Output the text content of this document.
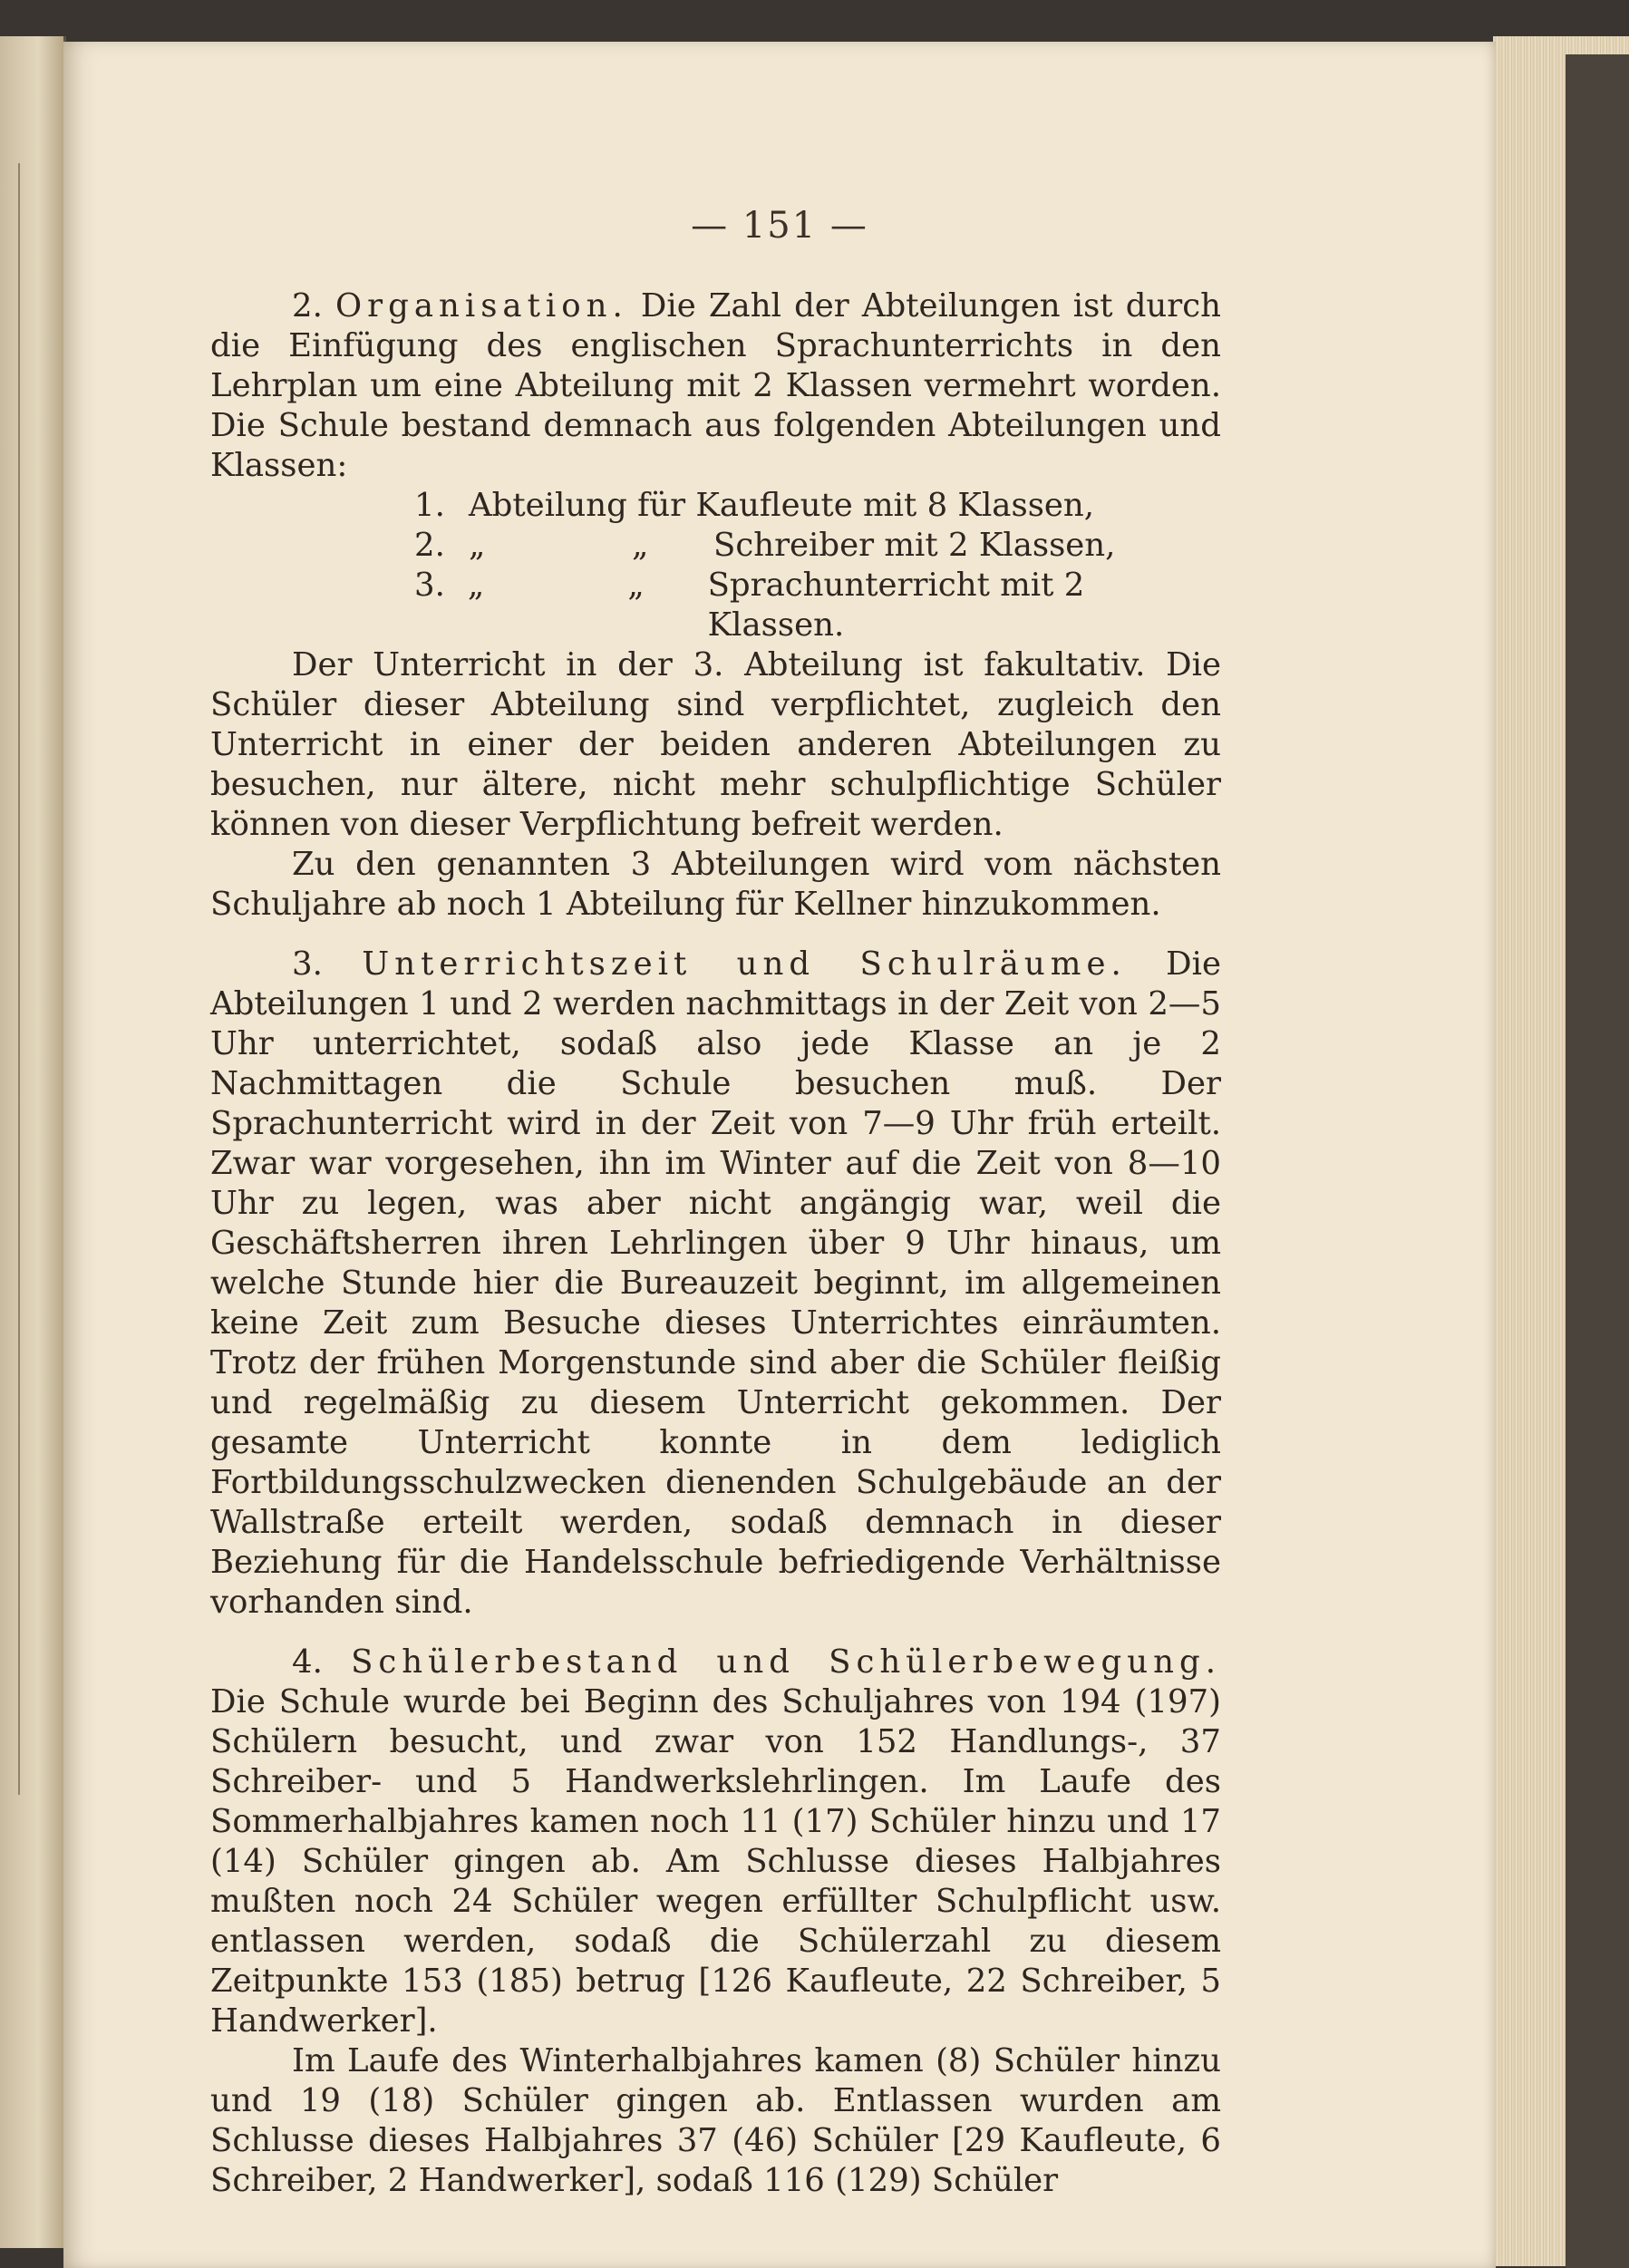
— 151 —

2. Organisation. Die Zahl der Abteilungen ist durch die Einfügung des englischen Sprachunterrichts in den Lehrplan um eine Abteilung mit 2 Klassen vermehrt worden. Die Schule bestand demnach aus folgenden Abteilungen und Klassen:

1. Abteilung für Kaufleute mit 8 Klassen,
2. „	„	Schreiber mit 2 Klassen,
3. „	„	Sprachunterricht mit 2 Klassen.

Der Unterricht in der 3. Abteilung ist fakultativ. Die Schüler dieser Abteilung sind verpflichtet, zugleich den Unterricht in einer der beiden anderen Abteilungen zu besuchen, nur ältere, nicht mehr schulpflichtige Schüler können von dieser Verpflichtung befreit werden.

Zu den genannten 3 Abteilungen wird vom nächsten Schuljahre ab noch 1 Abteilung für Kellner hinzukommen.

3. Unterrichtszeit und Schulräume. Die Abteilungen 1 und 2 werden nachmittags in der Zeit von 2—5 Uhr unterrichtet, sodaß also jede Klasse an je 2 Nachmittagen die Schule besuchen muß. Der Sprachunterricht wird in der Zeit von 7—9 Uhr früh erteilt. Zwar war vorgesehen, ihn im Winter auf die Zeit von 8—10 Uhr zu legen, was aber nicht angängig war, weil die Geschäftsherren ihren Lehrlingen über 9 Uhr hinaus, um welche Stunde hier die Bureauzeit beginnt, im allgemeinen keine Zeit zum Besuche dieses Unterrichtes einräumten. Trotz der frühen Morgenstunde sind aber die Schüler fleißig und regelmäßig zu diesem Unterricht gekommen. Der gesamte Unterricht konnte in dem lediglich Fortbildungsschulzwecken dienenden Schulgebäude an der Wallstraße erteilt werden, sodaß demnach in dieser Beziehung für die Handelsschule befriedigende Verhältnisse vorhanden sind.

4. Schülerbestand und Schülerbewegung. Die Schule wurde bei Beginn des Schuljahres von 194 (197) Schülern besucht, und zwar von 152 Handlungs-, 37 Schreiber- und 5 Handwerkslehrlingen. Im Laufe des Sommerhalbjahres kamen noch 11 (17) Schüler hinzu und 17 (14) Schüler gingen ab. Am Schlusse dieses Halbjahres mußten noch 24 Schüler wegen erfüllter Schulpflicht usw. entlassen werden, sodaß die Schülerzahl zu diesem Zeitpunkte 153 (185) betrug [126 Kaufleute, 22 Schreiber, 5 Handwerker].

Im Laufe des Winterhalbjahres kamen (8) Schüler hinzu und 19 (18) Schüler gingen ab. Entlassen wurden am Schlusse dieses Halbjahres 37 (46) Schüler [29 Kaufleute, 6 Schreiber, 2 Handwerker], sodaß 116 (129) Schüler
